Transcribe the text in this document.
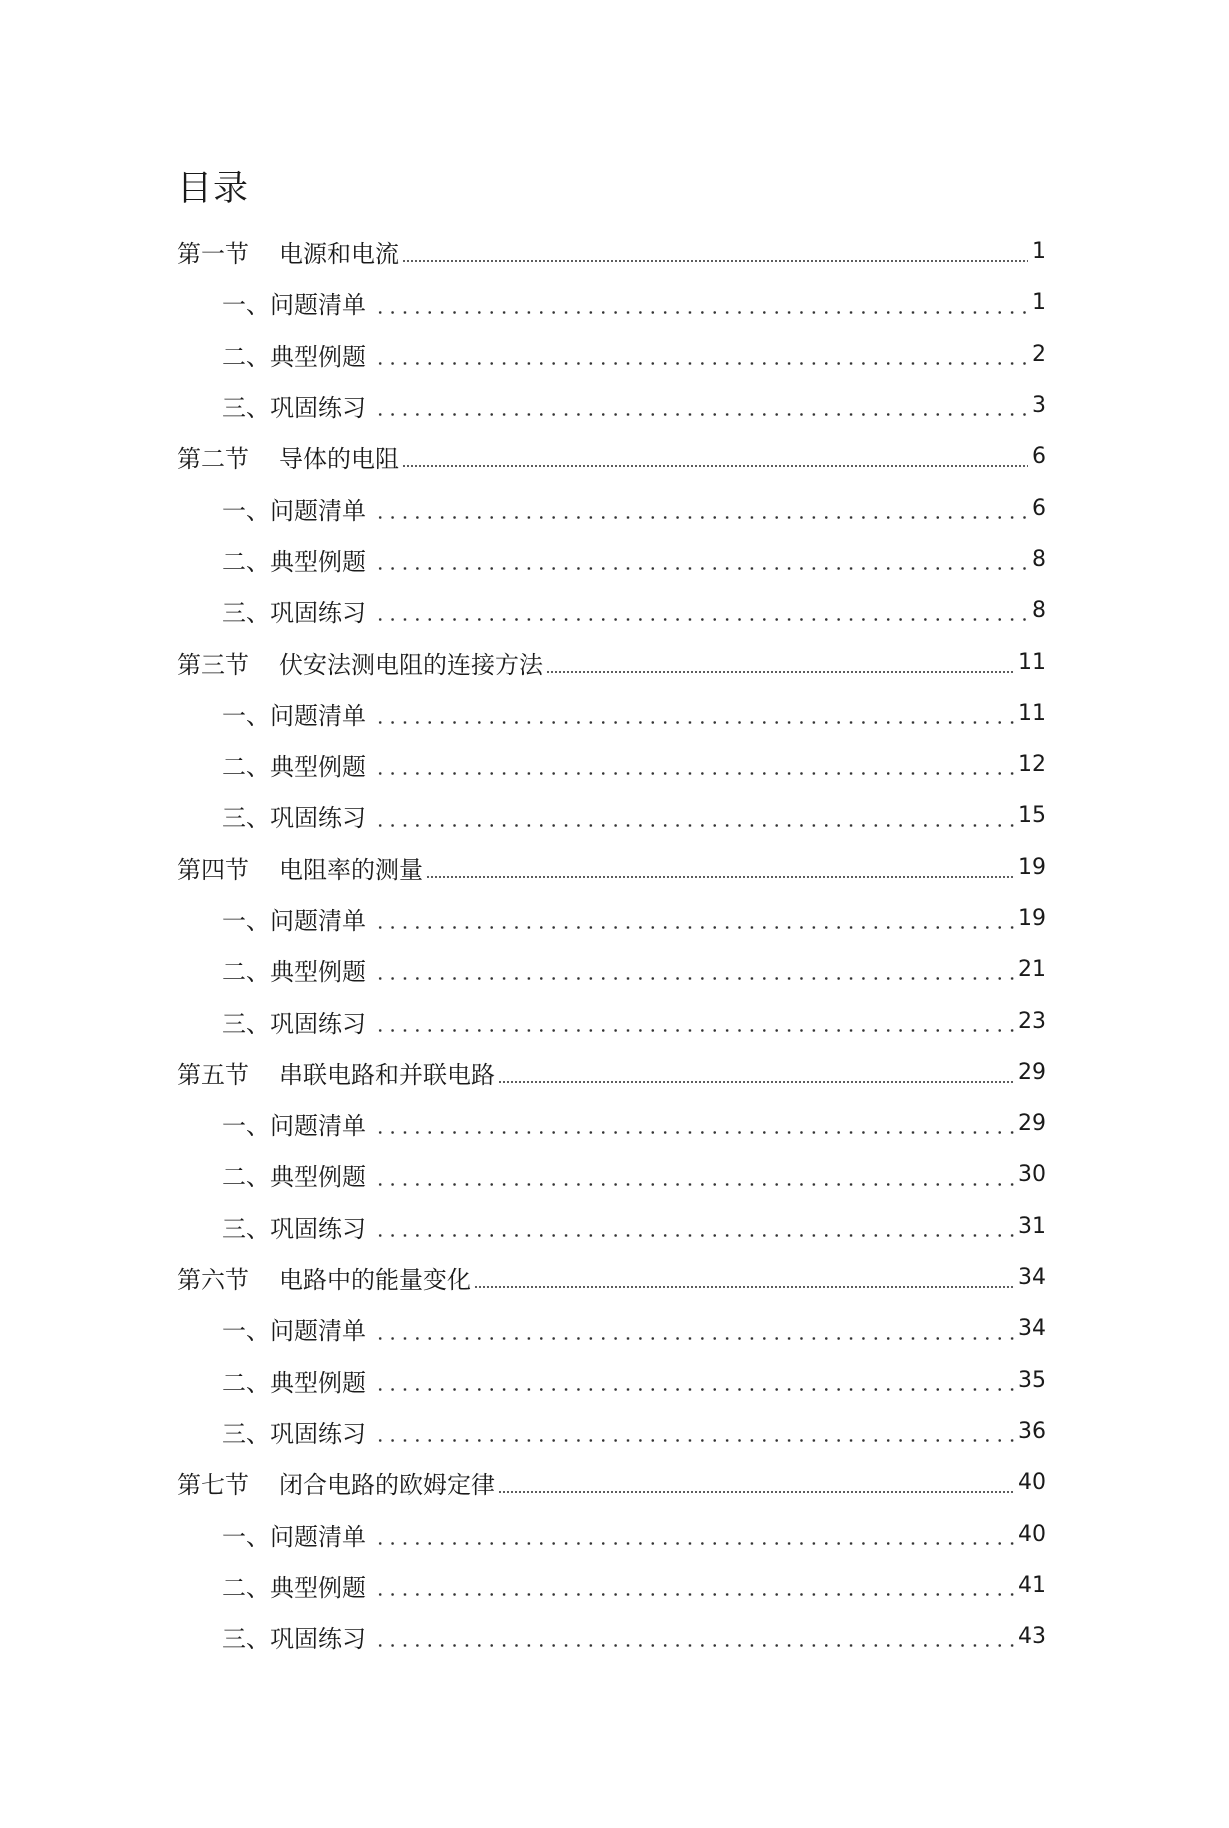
目录
第一节 电源和电流	1
一、问题清单	1
二、典型例题	2
三、巩固练习	3
第二节 导体的电阻	6
一、问题清单	6
二、典型例题	8
三、巩固练习	8
第三节 伏安法测电阻的连接方法	11
一、问题清单	11
二、典型例题	12
三、巩固练习	15
第四节 电阻率的测量	19
一、问题清单	19
二、典型例题	21
三、巩固练习	23
第五节 串联电路和并联电路	29
一、问题清单	29
二、典型例题	30
三、巩固练习	31
第六节 电路中的能量变化	34
一、问题清单	34
二、典型例题	35
三、巩固练习	36
第七节 闭合电路的欧姆定律	40
一、问题清单	40
二、典型例题	41
三、巩固练习	43
